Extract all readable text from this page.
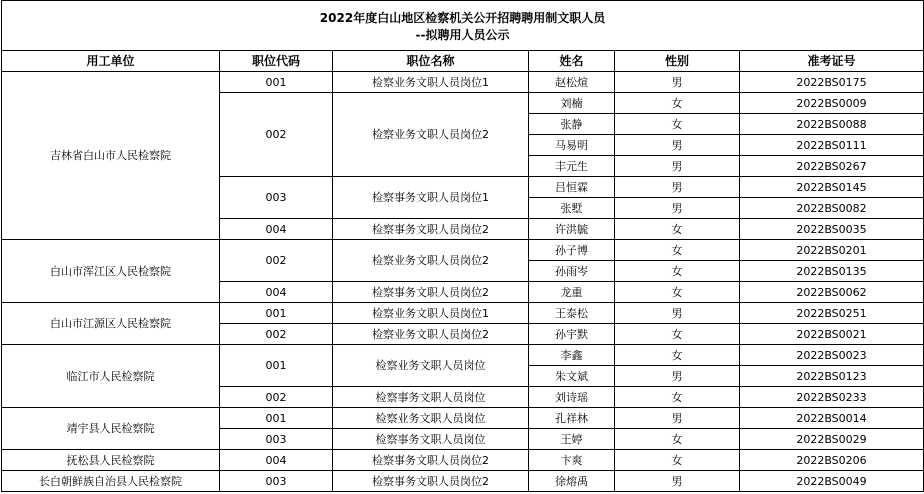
2022年度白山地区检察机关公开招聘聘用制文职人员
--拟聘用人员公示					

用工单位	职位代码	职位名称	姓名	性别	准考证号
吉林省白山市人民检察院	001	检察业务文职人员岗位1	赵松煊	男	2022BS0175
	002	检察业务文职人员岗位2	刘楠	女	2022BS0009
			张静	女	2022BS0088
			马易明	男	2022BS0111
			丰元生	男	2022BS0267
	003	检察事务文职人员岗位1	吕恒霖	男	2022BS0145
			张墅	男	2022BS0082
	004	检察事务文职人员岗位2	许洪毓	女	2022BS0035
白山市浑江区人民检察院	002	检察业务文职人员岗位2	孙子博	女	2022BS0201
			孙雨岑	女	2022BS0135
	004	检察事务文职人员岗位2	龙重	女	2022BS0062
白山市江源区人民检察院	001	检察业务文职人员岗位1	王泰松	男	2022BS0251
	002	检察业务文职人员岗位2	孙宇默	女	2022BS0021
临江市人民检察院	001	检察业务文职人员岗位	李鑫	女	2022BS0023
			朱文斌	男	2022BS0123
	002	检察事务文职人员岗位	刘诗瑶	女	2022BS0233
靖宇县人民检察院	001	检察业务文职人员岗位	孔祥林	男	2022BS0014
	003	检察事务文职人员岗位	王婷	女	2022BS0029
抚松县人民检察院	004	检察事务文职人员岗位2	卞爽	女	2022BS0206
长白朝鲜族自治县人民检察院	003	检察事务文职人员岗位2	徐熔禹	男	2022BS0049
